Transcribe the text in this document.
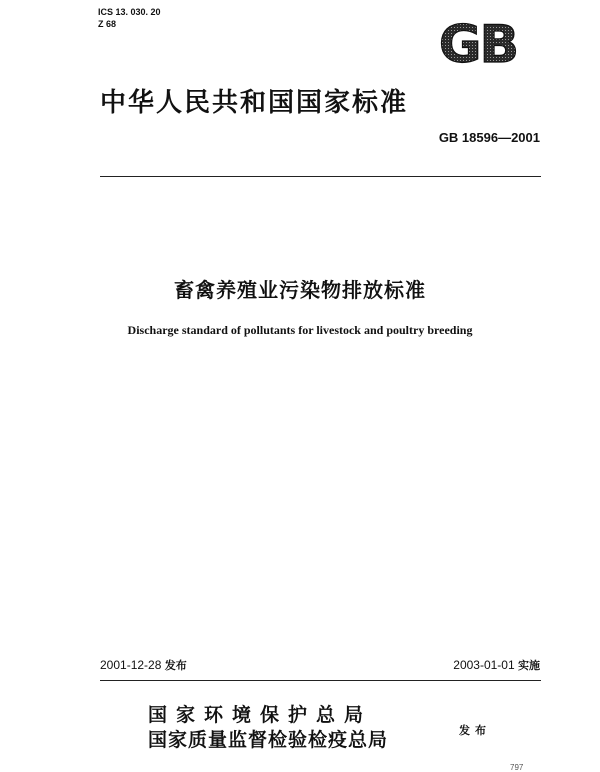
ICS 13. 030. 20
Z 68	GB
中华人民共和国国家标准
GB 18596—2001
畜禽养殖业污染物排放标准
Discharge standard of pollutants for livestock and poultry breeding
2001-12-28 发布	2003-01-01 实施
国家环境保护总局
国家质量监督检验检疫总局	发布
797
